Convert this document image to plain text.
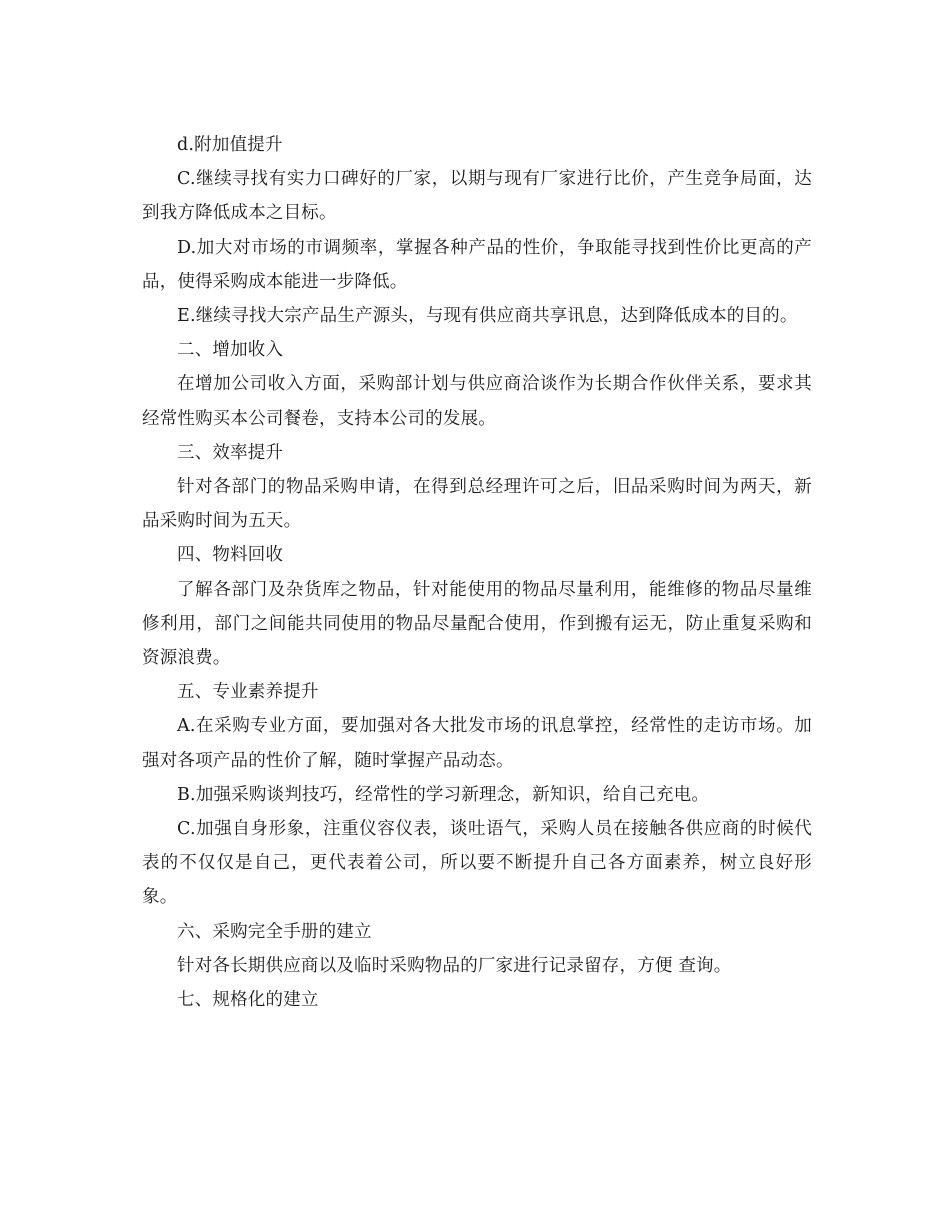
d.附加值提升

C.继续寻找有实力口碑好的厂家，以期与现有厂家进行比价，产生竞争局面，达到我方降低成本之目标。

D.加大对市场的市调频率，掌握各种产品的性价，争取能寻找到性价比更高的产品，使得采购成本能进一步降低。

E.继续寻找大宗产品生产源头，与现有供应商共享讯息，达到降低成本的目的。

二、增加收入

在增加公司收入方面，采购部计划与供应商洽谈作为长期合作伙伴关系，要求其经常性购买本公司餐卷，支持本公司的发展。

三、效率提升

针对各部门的物品采购申请，在得到总经理许可之后，旧品采购时间为两天，新品采购时间为五天。

四、物料回收

了解各部门及杂货库之物品，针对能使用的物品尽量利用，能维修的物品尽量维修利用，部门之间能共同使用的物品尽量配合使用，作到搬有运无，防止重复采购和资源浪费。

五、专业素养提升

A.在采购专业方面，要加强对各大批发市场的讯息掌控，经常性的走访市场。加强对各项产品的性价了解，随时掌握产品动态。

B.加强采购谈判技巧，经常性的学习新理念，新知识，给自己充电。

C.加强自身形象，注重仪容仪表，谈吐语气，采购人员在接触各供应商的时候代表的不仅仅是自己，更代表着公司，所以要不断提升自己各方面素养，树立良好形象。

六、采购完全手册的建立

针对各长期供应商以及临时采购物品的厂家进行记录留存，方便 查询。

七、规格化的建立
